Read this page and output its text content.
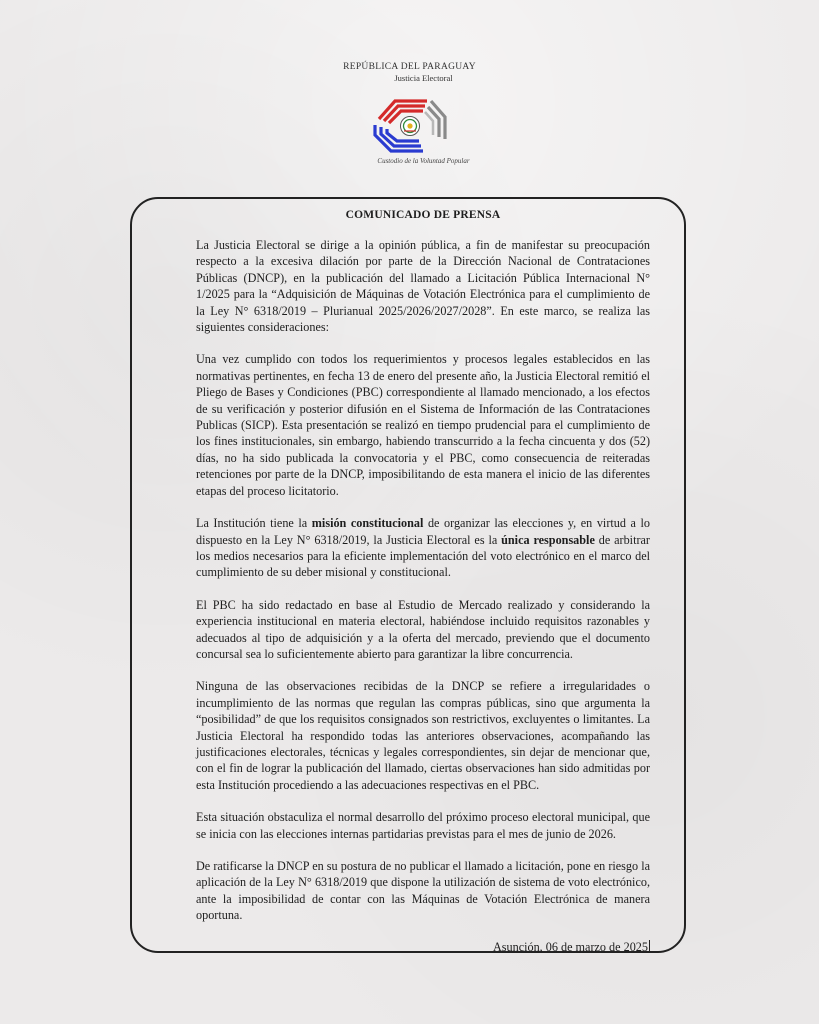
REPÚBLICA DEL PARAGUAY
Justicia Electoral
Custodio de la Voluntad Popular
COMUNICADO DE PRENSA

La Justicia Electoral se dirige a la opinión pública, a fin de manifestar su preocupación respecto a la excesiva dilación por parte de la Dirección Nacional de Contrataciones Públicas (DNCP), en la publicación del llamado a Licitación Pública Internacional N° 1/2025 para la “Adquisición de Máquinas de Votación Electrónica para el cumplimiento de la Ley N° 6318/2019 – Plurianual 2025/2026/2027/2028”. En este marco, se realiza las siguientes consideraciones:

Una vez cumplido con todos los requerimientos y procesos legales establecidos en las normativas pertinentes, en fecha 13 de enero del presente año, la Justicia Electoral remitió el Pliego de Bases y Condiciones (PBC) correspondiente al llamado mencionado, a los efectos de su verificación y posterior difusión en el Sistema de Información de las Contrataciones Publicas (SICP). Esta presentación se realizó en tiempo prudencial para el cumplimiento de los fines institucionales, sin embargo, habiendo transcurrido a la fecha cincuenta y dos (52) días, no ha sido publicada la convocatoria y el PBC, como consecuencia de reiteradas retenciones por parte de la DNCP, imposibilitando de esta manera el inicio de las diferentes etapas del proceso licitatorio.

La Institución tiene la misión constitucional de organizar las elecciones y, en virtud a lo dispuesto en la Ley N° 6318/2019, la Justicia Electoral es la única responsable de arbitrar los medios necesarios para la eficiente implementación del voto electrónico en el marco del cumplimiento de su deber misional y constitucional.

El PBC ha sido redactado en base al Estudio de Mercado realizado y considerando la experiencia institucional en materia electoral, habiéndose incluido requisitos razonables y adecuados al tipo de adquisición y a la oferta del mercado, previendo que el documento concursal sea lo suficientemente abierto para garantizar la libre concurrencia.

Ninguna de las observaciones recibidas de la DNCP se refiere a irregularidades o incumplimiento de las normas que regulan las compras públicas, sino que argumenta la “posibilidad” de que los requisitos consignados son restrictivos, excluyentes o limitantes. La Justicia Electoral ha respondido todas las anteriores observaciones, acompañando las justificaciones electorales, técnicas y legales correspondientes, sin dejar de mencionar que, con el fin de lograr la publicación del llamado, ciertas observaciones han sido admitidas por esta Institución procediendo a las adecuaciones respectivas en el PBC.

Esta situación obstaculiza el normal desarrollo del próximo proceso electoral municipal, que se inicia con las elecciones internas partidarias previstas para el mes de junio de 2026.

De ratificarse la DNCP en su postura de no publicar el llamado a licitación, pone en riesgo la aplicación de la Ley N° 6318/2019 que dispone la utilización de sistema de voto electrónico, ante la imposibilidad de contar con las Máquinas de Votación Electrónica de manera oportuna.

Asunción, 06 de marzo de 2025
